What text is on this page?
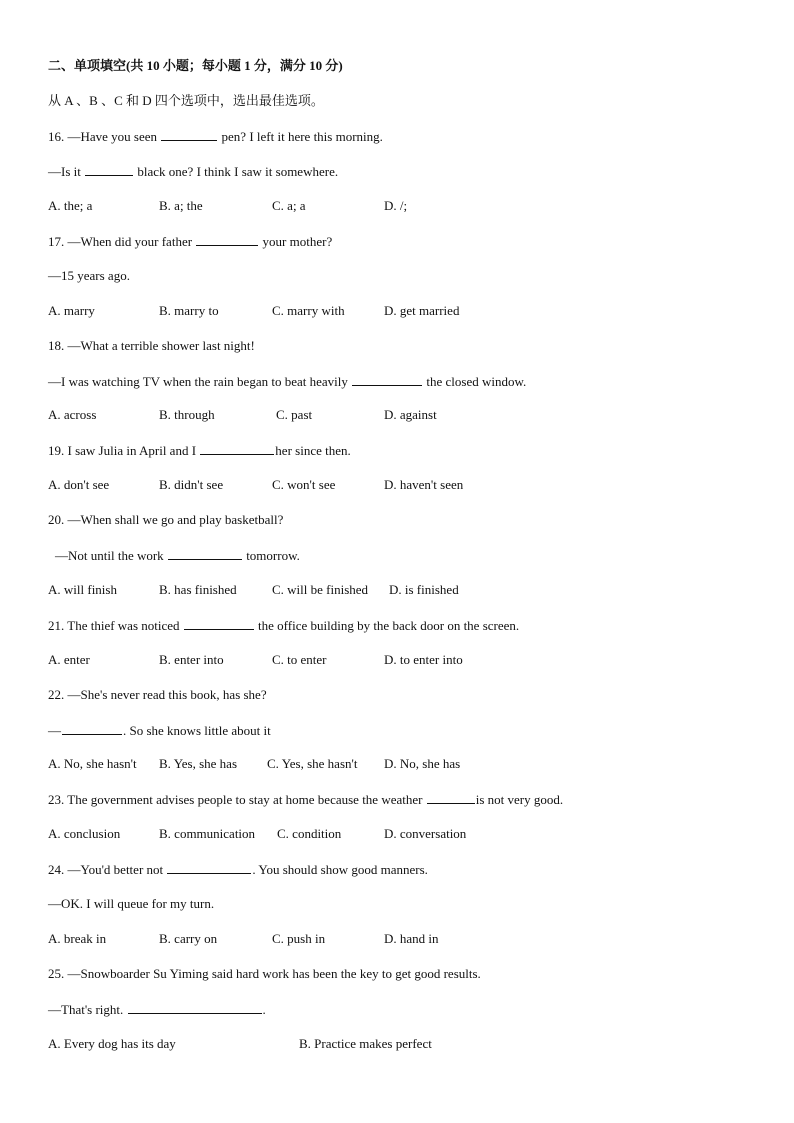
二、单项填空(共 10 小题；每小题 1 分，满分 10 分)
从 A 、B 、C 和 D 四个选项中，选出最佳选项。
16. —Have you seen	pen? I left it here this morning.
—Is it	black one? I think I saw it somewhere.
A. the; a	B. a; the	C. a; a	D. /;
17. —When did your father	your mother?
—15 years ago.
A. marry	B. marry to	C. marry with	D. get married
18. —What a terrible shower last night!
—I was watching TV when the rain began to beat heavily	the closed window.
A. across	B. through	C. past	D. against
19. I saw Julia in April and I	her since then.
A. don't see	B. didn't see	C. won't see	D. haven't seen
20. —When shall we go and play basketball?
—Not until the work	tomorrow.
A. will finish	B. has finished	C. will be finished D. is finished
21. The thief was noticed	the office building by the back door on the screen.
A. enter	B. enter into	C. to enter	D. to enter into
22. —She's never read this book, has she?
—	. So she knows little about it
A. No, she hasn't B. Yes, she has C. Yes, she hasn't D. No, she has
23. The government advises people to stay at home because the weather	is not very good.
A. conclusion	B. communication C. condition	D. conversation
24. —You'd better not	. You should show good manners.
—OK. I will queue for my turn.
A. break in	B. carry on	C. push in	D. hand in
25. —Snowboarder Su Yiming said hard work has been the key to get good results.
—That's right.	.
A. Every dog has its day	B. Practice makes perfect
